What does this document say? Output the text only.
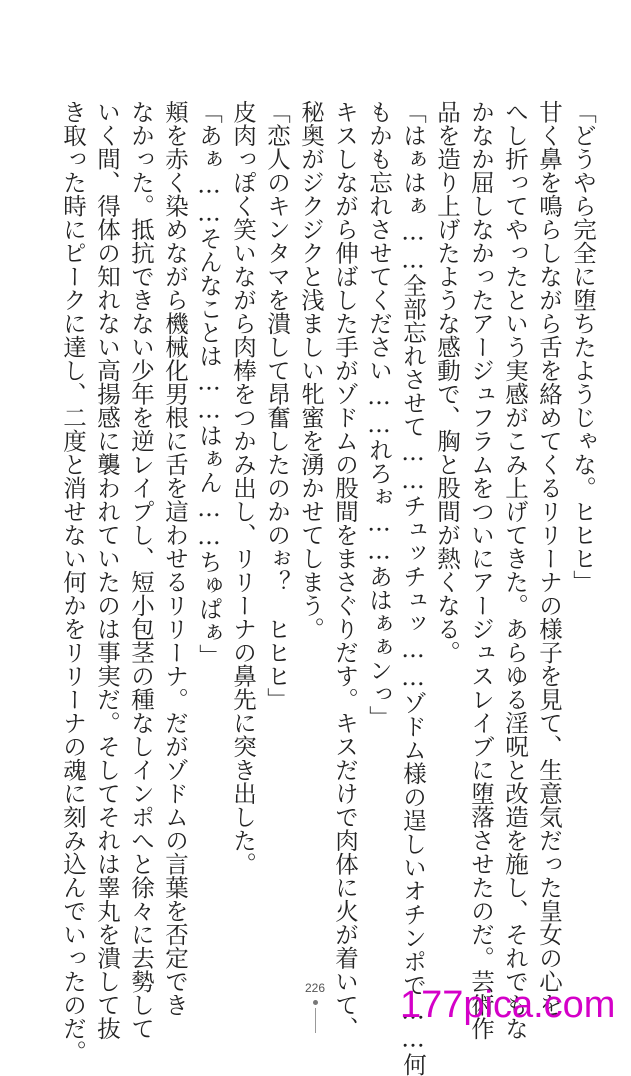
「どうやら完全に堕ちたようじゃな。ヒヒヒ」
甘く鼻を鳴らしながら舌を絡めてくるリリーナの様子を見て、生意気だった皇女の心を
へし折ってやったという実感がこみ上げてきた。あらゆる淫呪と改造を施し、それでもな
かなか屈しなかったアージュフラムをついにアージュスレイブに堕落させたのだ。芸術作
品を造り上げたような感動で、胸と股間が熱くなる。
「はぁはぁ……全部忘れさせて……チュッチュッ……ゾドム様の逞しいオチンポで……何
もかも忘れさせてください……れろぉ……あはぁぁンっ」
キスしながら伸ばした手がゾドムの股間をまさぐりだす。キスだけで肉体に火が着いて、
秘奥がジクジクと浅ましい牝蜜を湧かせてしまう。
「恋人のキンタマを潰して昂奮したのかのぉ？　ヒヒヒ」
皮肉っぽく笑いながら肉棒をつかみ出し、リリーナの鼻先に突き出した。
「あぁ……そんなことは……はぁん……ちゅぱぁ」
頬を赤く染めながら機械化男根に舌を這わせるリリーナ。だがゾドムの言葉を否定でき
なかった。抵抗できない少年を逆レイプし、短小包茎の種なしインポへと徐々に去勢して
いく間、得体の知れない高揚感に襲われていたのは事実だ。そしてそれは睾丸を潰して抜
き取った時にピークに達し、二度と消せない何かをリリーナの魂に刻み込んでいったのだ。	226 177pica.com
